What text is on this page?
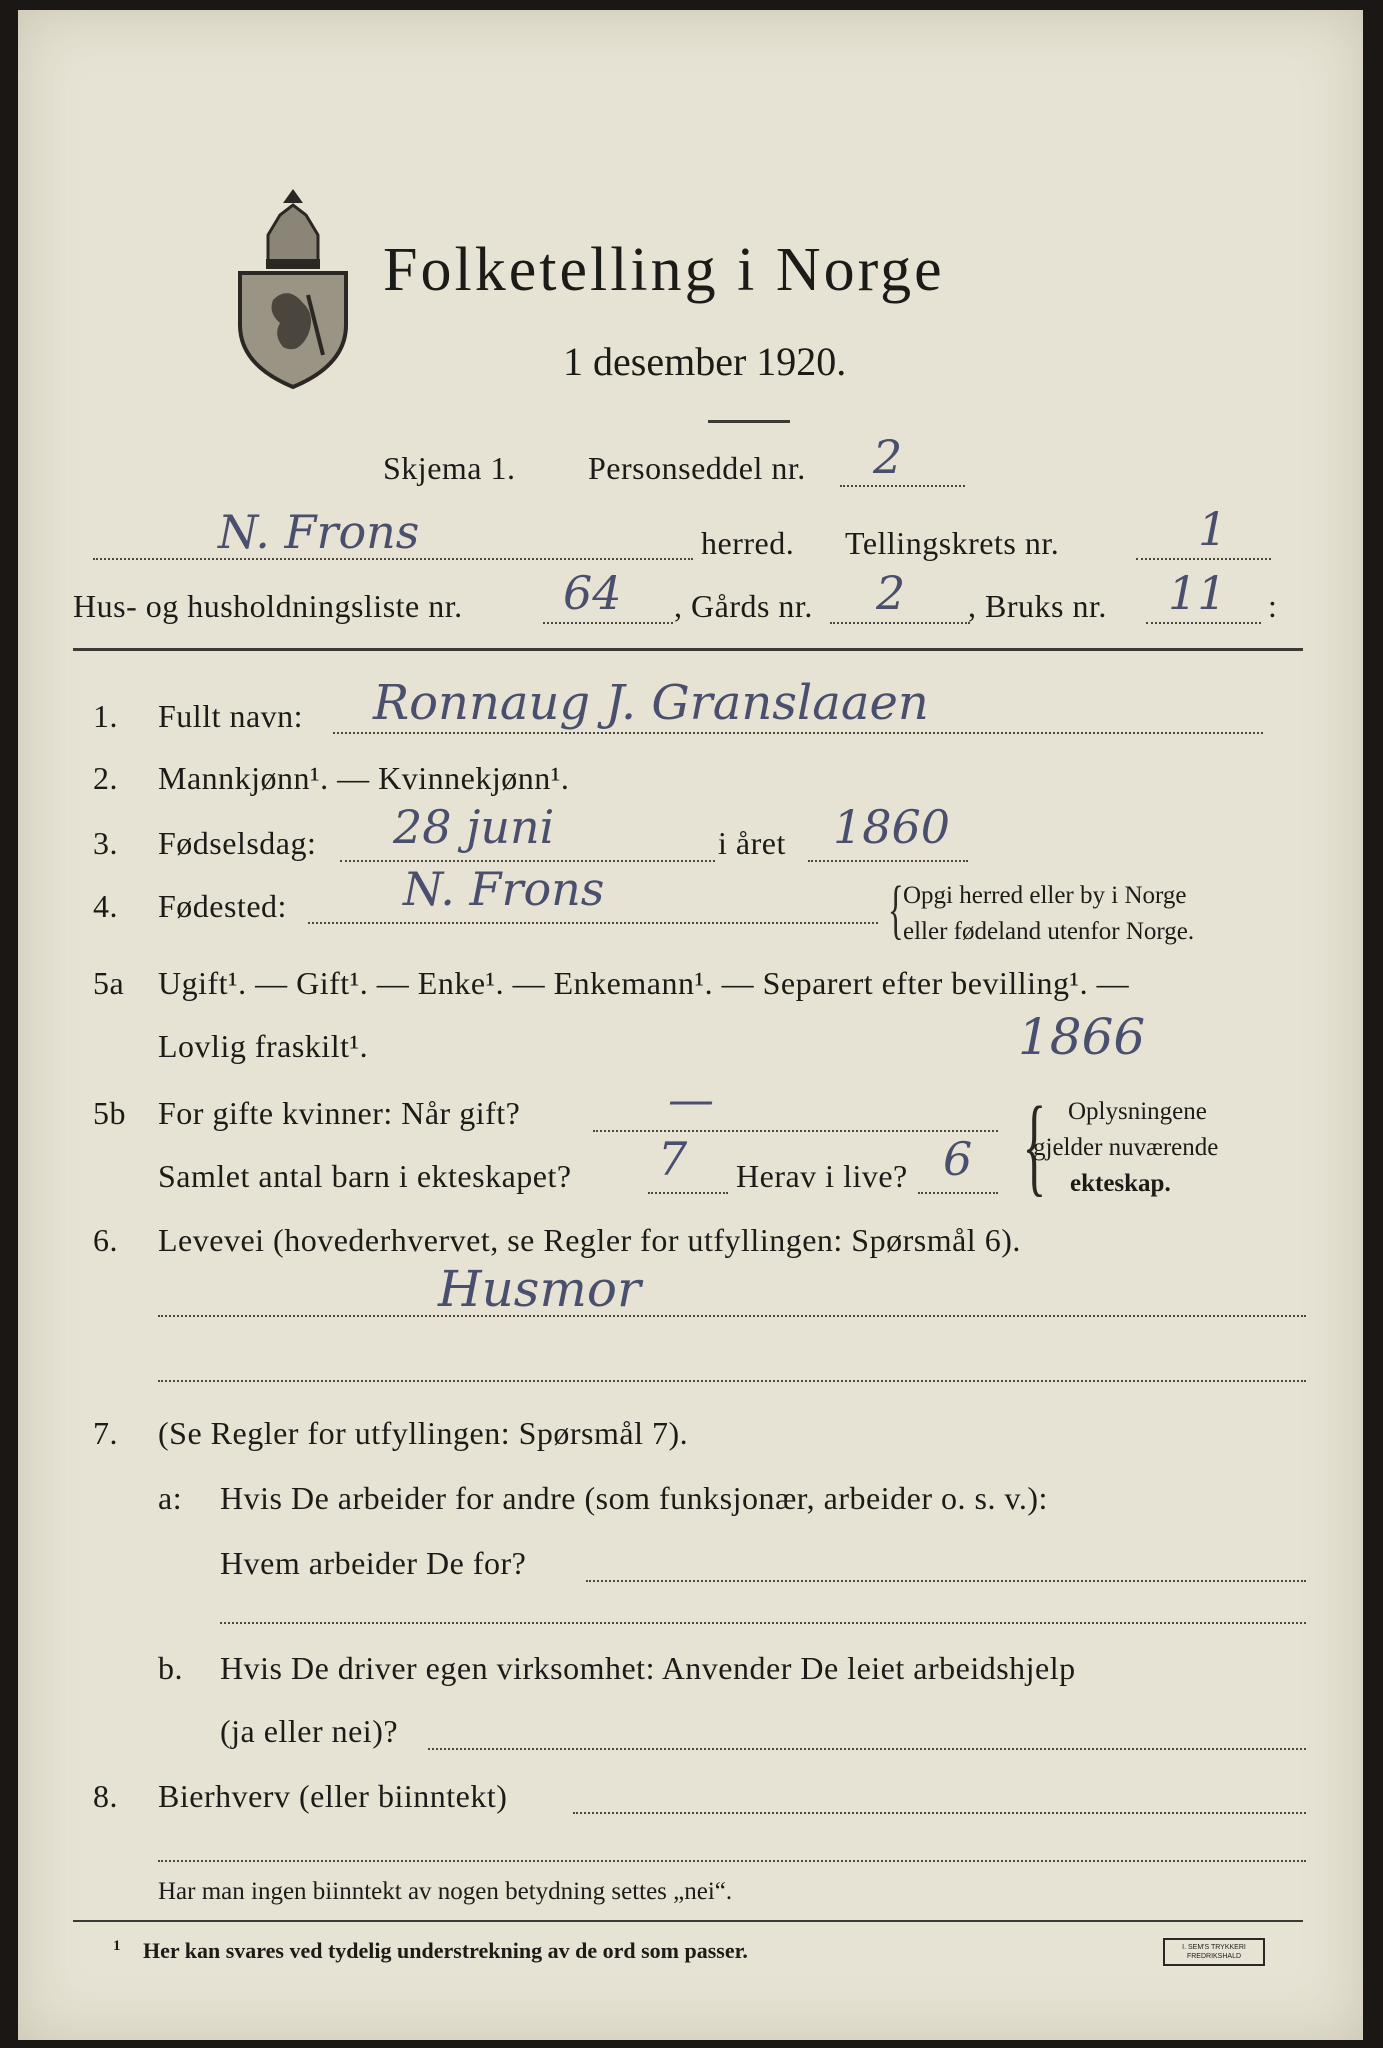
Folketelling i Norge
1 desember 1920.
Skjema 1. Personseddel nr. 2
N. Frons	herred. Tellingskrets nr.	1
Hus- og husholdningsliste nr. 64 , Gårds nr. 2 , Bruks nr. 11 :
1. Fullt navn: Ronnaug J. Granslaaen
2. Mannkjønn¹. — Kvinnekjønn¹.
3. Fødselsdag: 28 juni	i året 1860
4. Fødested:	N. Frons	{ Opgi herred eller by i Norge
eller fødeland utenfor Norge.
5a Ugift¹. — Gift¹. — Enke¹. — Enkemann¹. — Separert efter bevilling¹. —
Lovlig fraskilt¹.	1866
5b For gifte kvinner: Når gift?	—
Samlet antal barn i ekteskapet? 7 Herav i live? 6 { Oplysningene
gjelder nuværende
ekteskap.
6. Levevei (hovederhvervet, se Regler for utfyllingen: Spørsmål 6).
Husmor
7. (Se Regler for utfyllingen: Spørsmål 7).
a: Hvis De arbeider for andre (som funksjonær, arbeider o. s. v.):
Hvem arbeider De for?
b. Hvis De driver egen virksomhet: Anvender De leiet arbeidshjelp
(ja eller nei)?
8. Bierhverv (eller biinntekt)
Har man ingen biinntekt av nogen betydning settes „nei“.
1 Her kan svares ved tydelig understrekning av de ord som passer.	I. SEM'S TRYKKERI
FREDRIKSHALD
